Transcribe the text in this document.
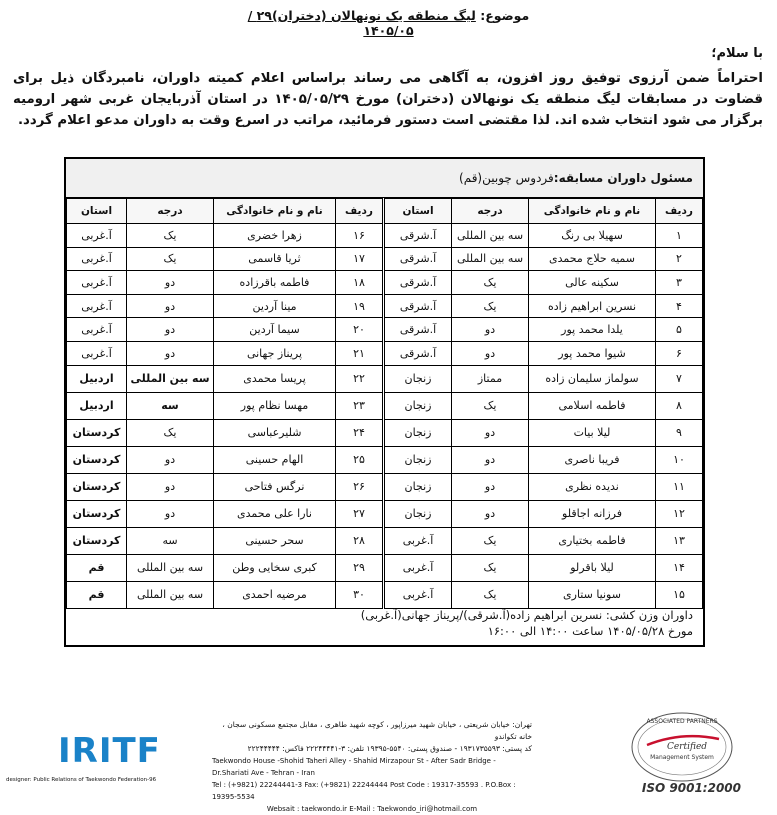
موضوع: لیگ منطقه یک نونهالان (دختران)۲۹ /۱۴۰۵/۰۵
با سلام؛
احتراماً ضمن آرزوی توفیق روز افزون، به آگاهی می رساند براساس اعلام کمیته داوران، نامبردگان ذیل برای قضاوت در مسابقات لیگ منطقه یک نونهالان (دختران) مورخ ۱۴۰۵/۰۵/۲۹ در استان آذربایجان غربی شهر ارومیه برگزار می شود انتخاب شده اند. لذا مقتضی است دستور فرمائید، مراتب در اسرع وقت به داوران مدعو اعلام گردد.
مسئول داوران مسابقه:
فردوس چوبین(قم)
ردیف	نام و نام خانوادگی	درجه	استان	ردیف	نام و نام خانوادگی	درجه	استان
۱	سهیلا بی رنگ	سه بین المللی	آ.شرقی	۱۶	زهرا خضری	یک	آ.غربی
۲	سمیه حلاج محمدی	سه بین المللی	آ.شرقی	۱۷	ثریا قاسمی	یک	آ.غربی
۳	سکینه عالی	یک	آ.شرقی	۱۸	فاطمه باقرزاده	دو	آ.غربی
۴	نسرین ابراهیم زاده	یک	آ.شرقی	۱۹	مینا آردین	دو	آ.غربی
۵	یلدا محمد پور	دو	آ.شرقی	۲۰	سیما آردین	دو	آ.غربی
۶	شیوا محمد پور	دو	آ.شرقی	۲۱	پریناز جهانی	دو	آ.غربی
۷	سولماز سلیمان زاده	ممتاز	زنجان	۲۲	پریسا محمدی	سه بین المللی	اردبیل
۸	فاطمه اسلامی	یک	زنجان	۲۳	مهسا نظام پور	سه	اردبیل
۹	لیلا بیات	دو	زنجان	۲۴	شلیرعباسی	یک	کردستان
۱۰	فریبا ناصری	دو	زنجان	۲۵	الهام حسینی	دو	کردستان
۱۱	ندیده نظری	دو	زنجان	۲۶	نرگس فتاحی	دو	کردستان
۱۲	فرزانه اجاقلو	دو	زنجان	۲۷	نارا علی محمدی	دو	کردستان
۱۳	فاطمه بختیاری	یک	آ.غربی	۲۸	سحر حسینی	سه	کردستان
۱۴	لیلا باقرلو	یک	آ.غربی	۲۹	کبری سخایی وطن	سه بین المللی	قم
۱۵	سونیا ستاری	یک	آ.غربی	۳۰	مرضیه احمدی	سه بین المللی	قم
داوران وزن کشی: نسرین ابراهیم زاده(آ.شرقی)/پریناز جهانی(آ.غربی)
مورخ ۱۴۰۵/۰۵/۲۸ ساعت ۱۴:۰۰ الی ۱۶:۰۰
IRITF
designer: Public Relations of Taekwondo Federation-96
تهران: خیابان شریعتی ، خیابان شهید میرزاپور ، کوچه شهید طاهری ، مقابل مجتمع مسکونی سجان ، خانه تکواندو
کد پستی: ۱۹۳۱۷۳۵۵۹۳ - صندوق پستی: ۵۵۴۰-۱۹۳۹۵ تلفن: ۳-۲۲۲۴۴۴۴۱ فاکس: ۲۲۲۴۴۴۴۴
Taekwondo House -Shohid Taheri Alley - Shahid Mirzapour St - After Sadr Bridge -Dr.Shariati Ave - Tehran - Iran
Tel : (+9821) 22244441-3 Fax: (+9821) 22244444 Post Code : 19317-35593 . P.O.Box : 19395-5534
Websait : taekwondo.ir E-Mail : Taekwondo_iri@hotmail.com
ASSOCIATED PARTNERS
Certified
Management System
ISO 9001:2000
